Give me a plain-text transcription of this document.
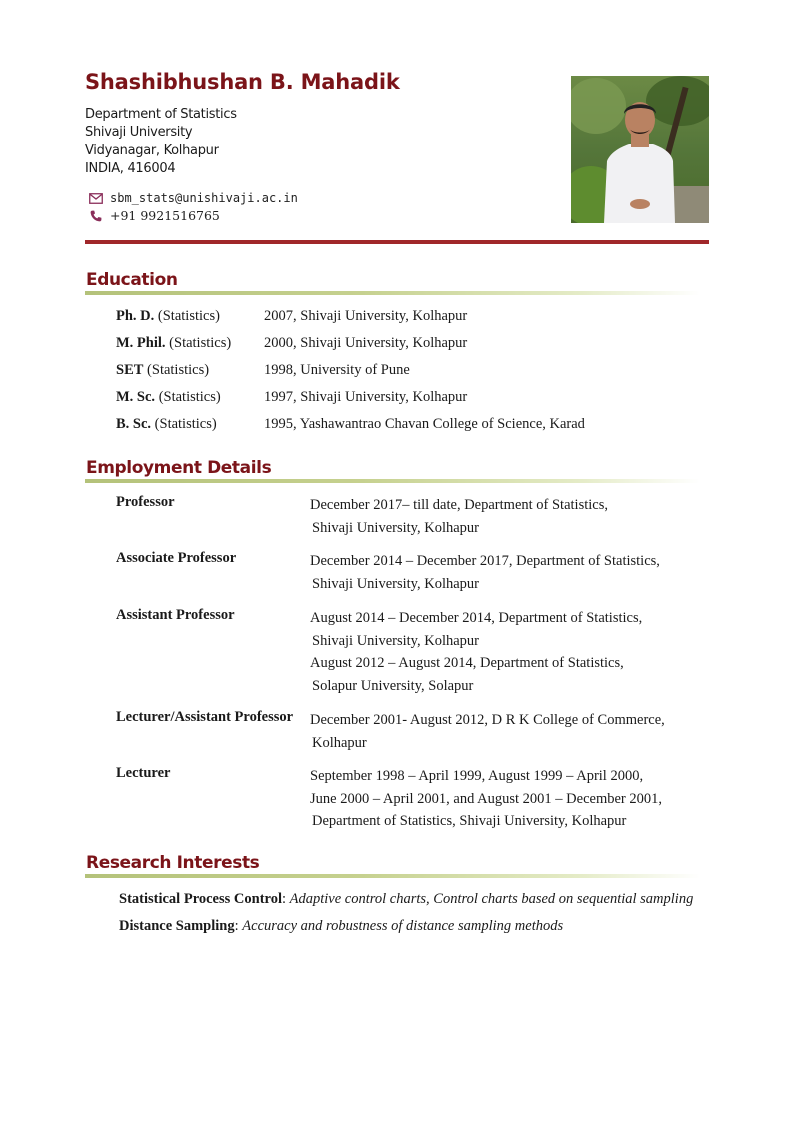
Shashibhushan B. Mahadik
Department of Statistics
Shivaji University
Vidyanagar, Kolhapur
INDIA, 416004
sbm_stats@unishivaji.ac.in
+91 9921516765
Education
Ph. D. (Statistics)	2007, Shivaji University, Kolhapur
M. Phil. (Statistics) 2000, Shivaji University, Kolhapur
SET (Statistics)	1998, University of Pune
M. Sc. (Statistics)	1997, Shivaji University, Kolhapur
B. Sc. (Statistics)	1995, Yashawantrao Chavan College of Science, Karad
Employment Details
Professor	December 2017– till date, Department of Statistics,
Shivaji University, Kolhapur
Associate Professor	December 2014 – December 2017, Department of Statistics,
Shivaji University, Kolhapur
Assistant Professor	August 2014 – December 2014, Department of Statistics,
Shivaji University, Kolhapur
August 2012 – August 2014, Department of Statistics,
Solapur University, Solapur
Lecturer/Assistant Professor December 2001- August 2012, D R K College of Commerce,
Kolhapur
Lecturer	September 1998 – April 1999, August 1999 – April 2000,
June 2000 – April 2001, and August 2001 – December 2001,
Department of Statistics, Shivaji University, Kolhapur
Research Interests
Statistical Process Control: Adaptive control charts, Control charts based on sequential sampling
Distance Sampling: Accuracy and robustness of distance sampling methods
